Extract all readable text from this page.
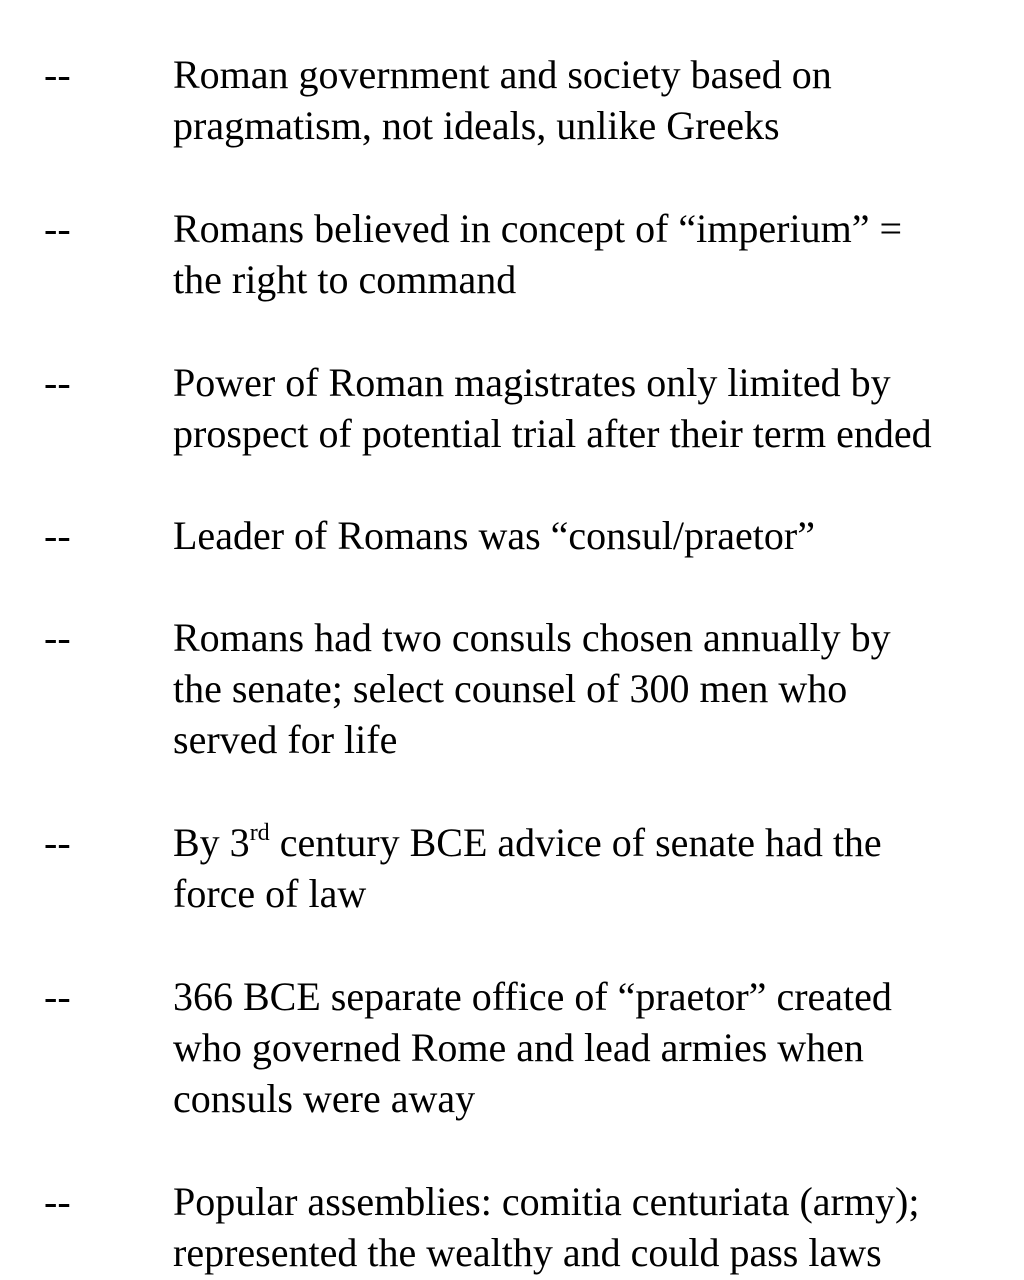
--	Roman government and society based on
pragmatism, not ideals, unlike Greeks
--	Romans believed in concept of “imperium” =
the right to command
--	Power of Roman magistrates only limited by
prospect of potential trial after their term ended
--	Leader of Romans was “consul/praetor”
--	Romans had two consuls chosen annually by
the senate; select counsel of 300 men who
served for life
--	By 3rd century BCE advice of senate had the
force of law
--	366 BCE separate office of “praetor” created
who governed Rome and lead armies when
consuls were away
--	Popular assemblies: comitia centuriata (army);
represented the wealthy and could pass laws
